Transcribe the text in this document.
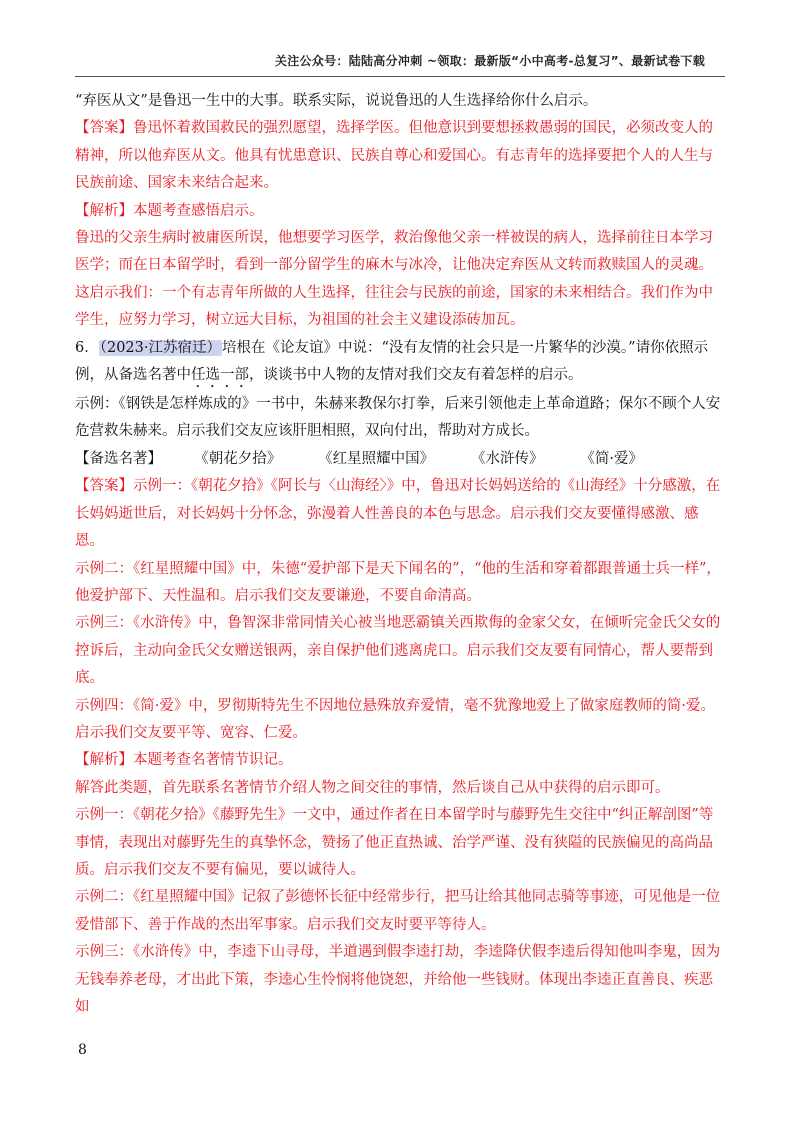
关注公众号：陆陆高分冲刺 ~领取：最新版“小中高考-总复习”、最新试卷下载

“弃医从文”是鲁迅一生中的大事。联系实际，说说鲁迅的人生选择给你什么启示。

【答案】鲁迅怀着救国救民的强烈愿望，选择学医。但他意识到要想拯救愚弱的国民，必须改变人的精神，所以他弃医从文。他具有忧患意识、民族自尊心和爱国心。有志青年的选择要把个人的人生与民族前途、国家未来结合起来。

【解析】本题考查感悟启示。

鲁迅的父亲生病时被庸医所误，他想要学习医学，救治像他父亲一样被误的病人，选择前往日本学习医学；而在日本留学时，看到一部分留学生的麻木与冰冷，让他决定弃医从文转而救赎国人的灵魂。这启示我们：一个有志青年所做的人生选择，往往会与民族的前途，国家的未来相结合。我们作为中学生，应努力学习，树立远大目标，为祖国的社会主义建设添砖加瓦。

6．（2023·江苏宿迁）培根在《论友谊》中说：“没有友情的社会只是一片繁华的沙漠。”请你依照示例，从备选名著中任选一部，谈谈书中人物的友情对我们交友有着怎样的启示。

示例：《钢铁是怎样炼成的》一书中，朱赫来教保尔打拳，后来引领他走上革命道路；保尔不顾个人安危营救朱赫来。启示我们交友应该肝胆相照，双向付出，帮助对方成长。

【备选名著】 《朝花夕拾》	《红星照耀中国》	《水浒传》	《简·爱》

【答案】示例一：《朝花夕拾》《阿长与〈山海经〉》中，鲁迅对长妈妈送给的《山海经》十分感激，在长妈妈逝世后，对长妈妈十分怀念，弥漫着人性善良的本色与思念。启示我们交友要懂得感激、感恩。

示例二：《红星照耀中国》中，朱德“爱护部下是天下闻名的”，“他的生活和穿着都跟普通士兵一样”，他爱护部下、天性温和。启示我们交友要谦逊，不要自命清高。

示例三：《水浒传》中，鲁智深非常同情关心被当地恶霸镇关西欺侮的金家父女，在倾听完金氏父女的控诉后，主动向金氏父女赠送银两，亲自保护他们逃离虎口。启示我们交友要有同情心，帮人要帮到底。

示例四：《简·爱》中，罗彻斯特先生不因地位悬殊放弃爱情，毫不犹豫地爱上了做家庭教师的简·爱。启示我们交友要平等、宽容、仁爱。

【解析】本题考查名著情节识记。

解答此类题，首先联系名著情节介绍人物之间交往的事情，然后谈自己从中获得的启示即可。

示例一：《朝花夕拾》《藤野先生》一文中，通过作者在日本留学时与藤野先生交往中“纠正解剖图”等事情，表现出对藤野先生的真挚怀念，赞扬了他正直热诚、治学严谨、没有狭隘的民族偏见的高尚品质。启示我们交友不要有偏见，要以诚待人。

示例二：《红星照耀中国》记叙了彭德怀长征中经常步行，把马让给其他同志骑等事迹，可见他是一位爱惜部下、善于作战的杰出军事家。启示我们交友时要平等待人。

示例三：《水浒传》中，李逵下山寻母，半道遇到假李逵打劫，李逵降伏假李逵后得知他叫李鬼，因为无钱奉养老母，才出此下策，李逵心生怜悯将他饶恕，并给他一些钱财。体现出李逵正直善良、疾恶如

8
